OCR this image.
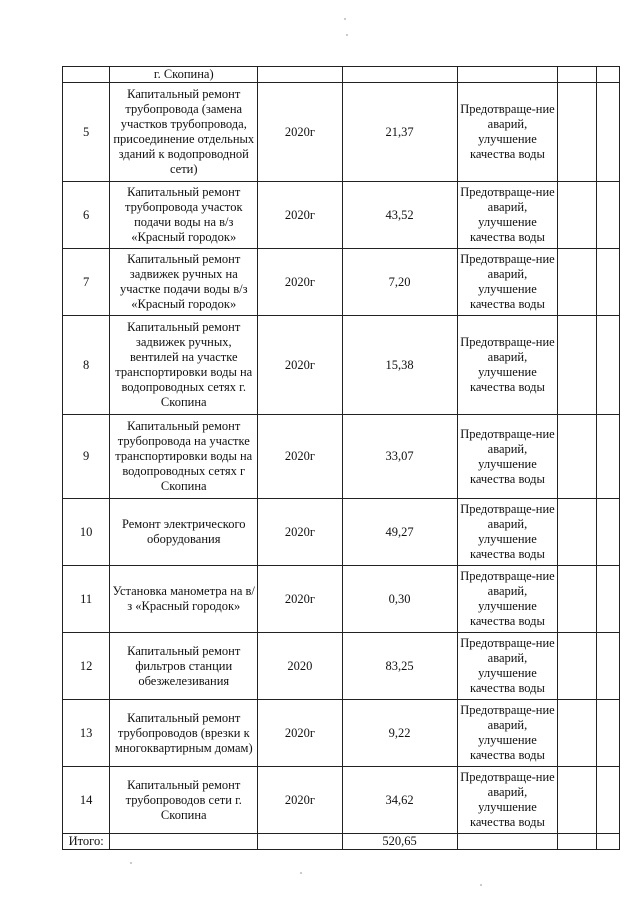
	г. Скопина)					

5	Капитальный ремонт трубопровода (замена участков трубопровода, присоединение отдельных зданий к водопроводной сети)	2020г	21,37	Предотвраще-ние аварий, улучшение качества воды		
6	Капитальный ремонт трубопровода участок подачи воды на в/з «Красный городок»	2020г	43,52	Предотвраще-ние аварий, улучшение качества воды		
7	Капитальный ремонт задвижек ручных на участке подачи воды в/з «Красный городок»	2020г	7,20	Предотвраще-ние аварий, улучшение качества воды		
8	Капитальный ремонт задвижек ручных, вентилей на участке транспортировки воды на водопроводных сетях г. Скопина	2020г	15,38	Предотвраще-ние аварий, улучшение качества воды		
9	Капитальный ремонт трубопровода на участке транспортировки воды на водопроводных сетях г Скопина	2020г	33,07	Предотвраще-ние аварий, улучшение качества воды		
10	Ремонт электрического оборудования	2020г	49,27	Предотвраще-ние аварий, улучшение качества воды		
11	Установка манометра на в/з «Красный городок»	2020г	0,30	Предотвраще-ние аварий, улучшение качества воды		
12	Капитальный ремонт фильтров станции обезжелезивания	2020	83,25	Предотвраще-ние аварий, улучшение качества воды		
13	Капитальный ремонт трубопроводов (врезки к многоквартирным домам)	2020г	9,22	Предотвраще-ние аварий, улучшение качества воды		
14	Капитальный ремонт трубопроводов сети г. Скопина	2020г	34,62	Предотвраще-ние аварий, улучшение качества воды		
Итого:			520,65			
